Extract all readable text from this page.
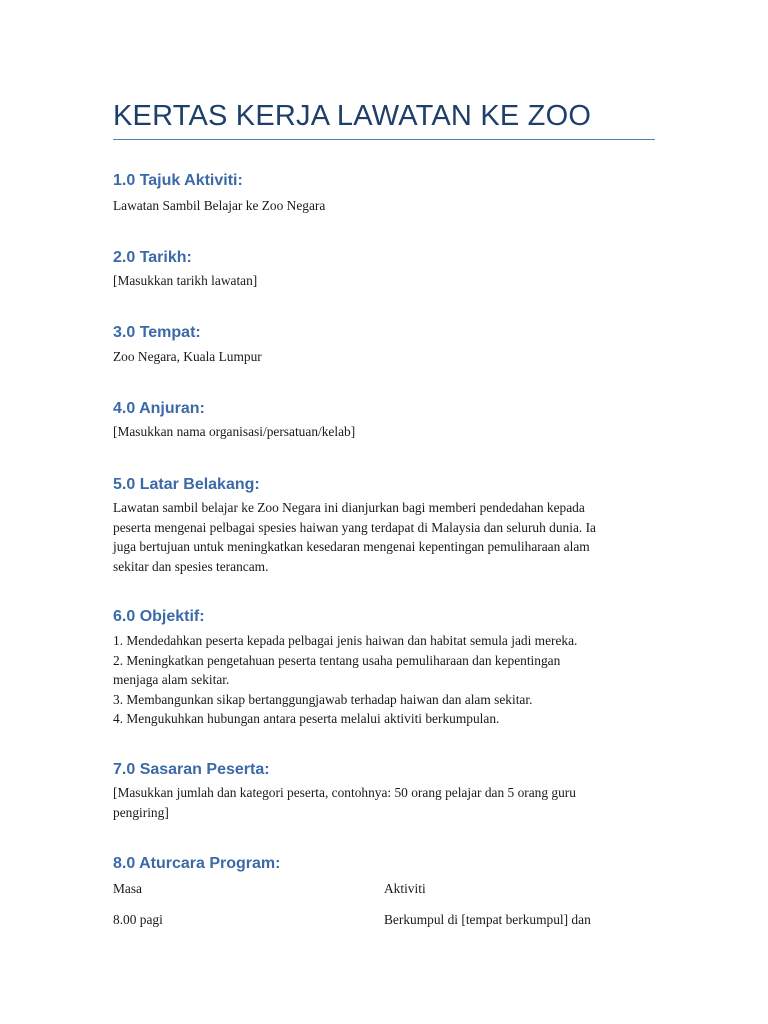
KERTAS KERJA LAWATAN KE ZOO
1.0 Tajuk Aktiviti:
Lawatan Sambil Belajar ke Zoo Negara
2.0 Tarikh:
[Masukkan tarikh lawatan]
3.0 Tempat:
Zoo Negara, Kuala Lumpur
4.0 Anjuran:
[Masukkan nama organisasi/persatuan/kelab]
5.0 Latar Belakang:
Lawatan sambil belajar ke Zoo Negara ini dianjurkan bagi memberi pendedahan kepada
peserta mengenai pelbagai spesies haiwan yang terdapat di Malaysia dan seluruh dunia. Ia
juga bertujuan untuk meningkatkan kesedaran mengenai kepentingan pemuliharaan alam
sekitar dan spesies terancam.
6.0 Objektif:
1. Mendedahkan peserta kepada pelbagai jenis haiwan dan habitat semula jadi mereka.
2. Meningkatkan pengetahuan peserta tentang usaha pemuliharaan dan kepentingan
menjaga alam sekitar.
3. Membangunkan sikap bertanggungjawab terhadap haiwan dan alam sekitar.
4. Mengukuhkan hubungan antara peserta melalui aktiviti berkumpulan.
7.0 Sasaran Peserta:
[Masukkan jumlah dan kategori peserta, contohnya: 50 orang pelajar dan 5 orang guru
pengiring]
8.0 Aturcara Program:
Masa	Aktiviti
8.00 pagi	Berkumpul di [tempat berkumpul] dan
